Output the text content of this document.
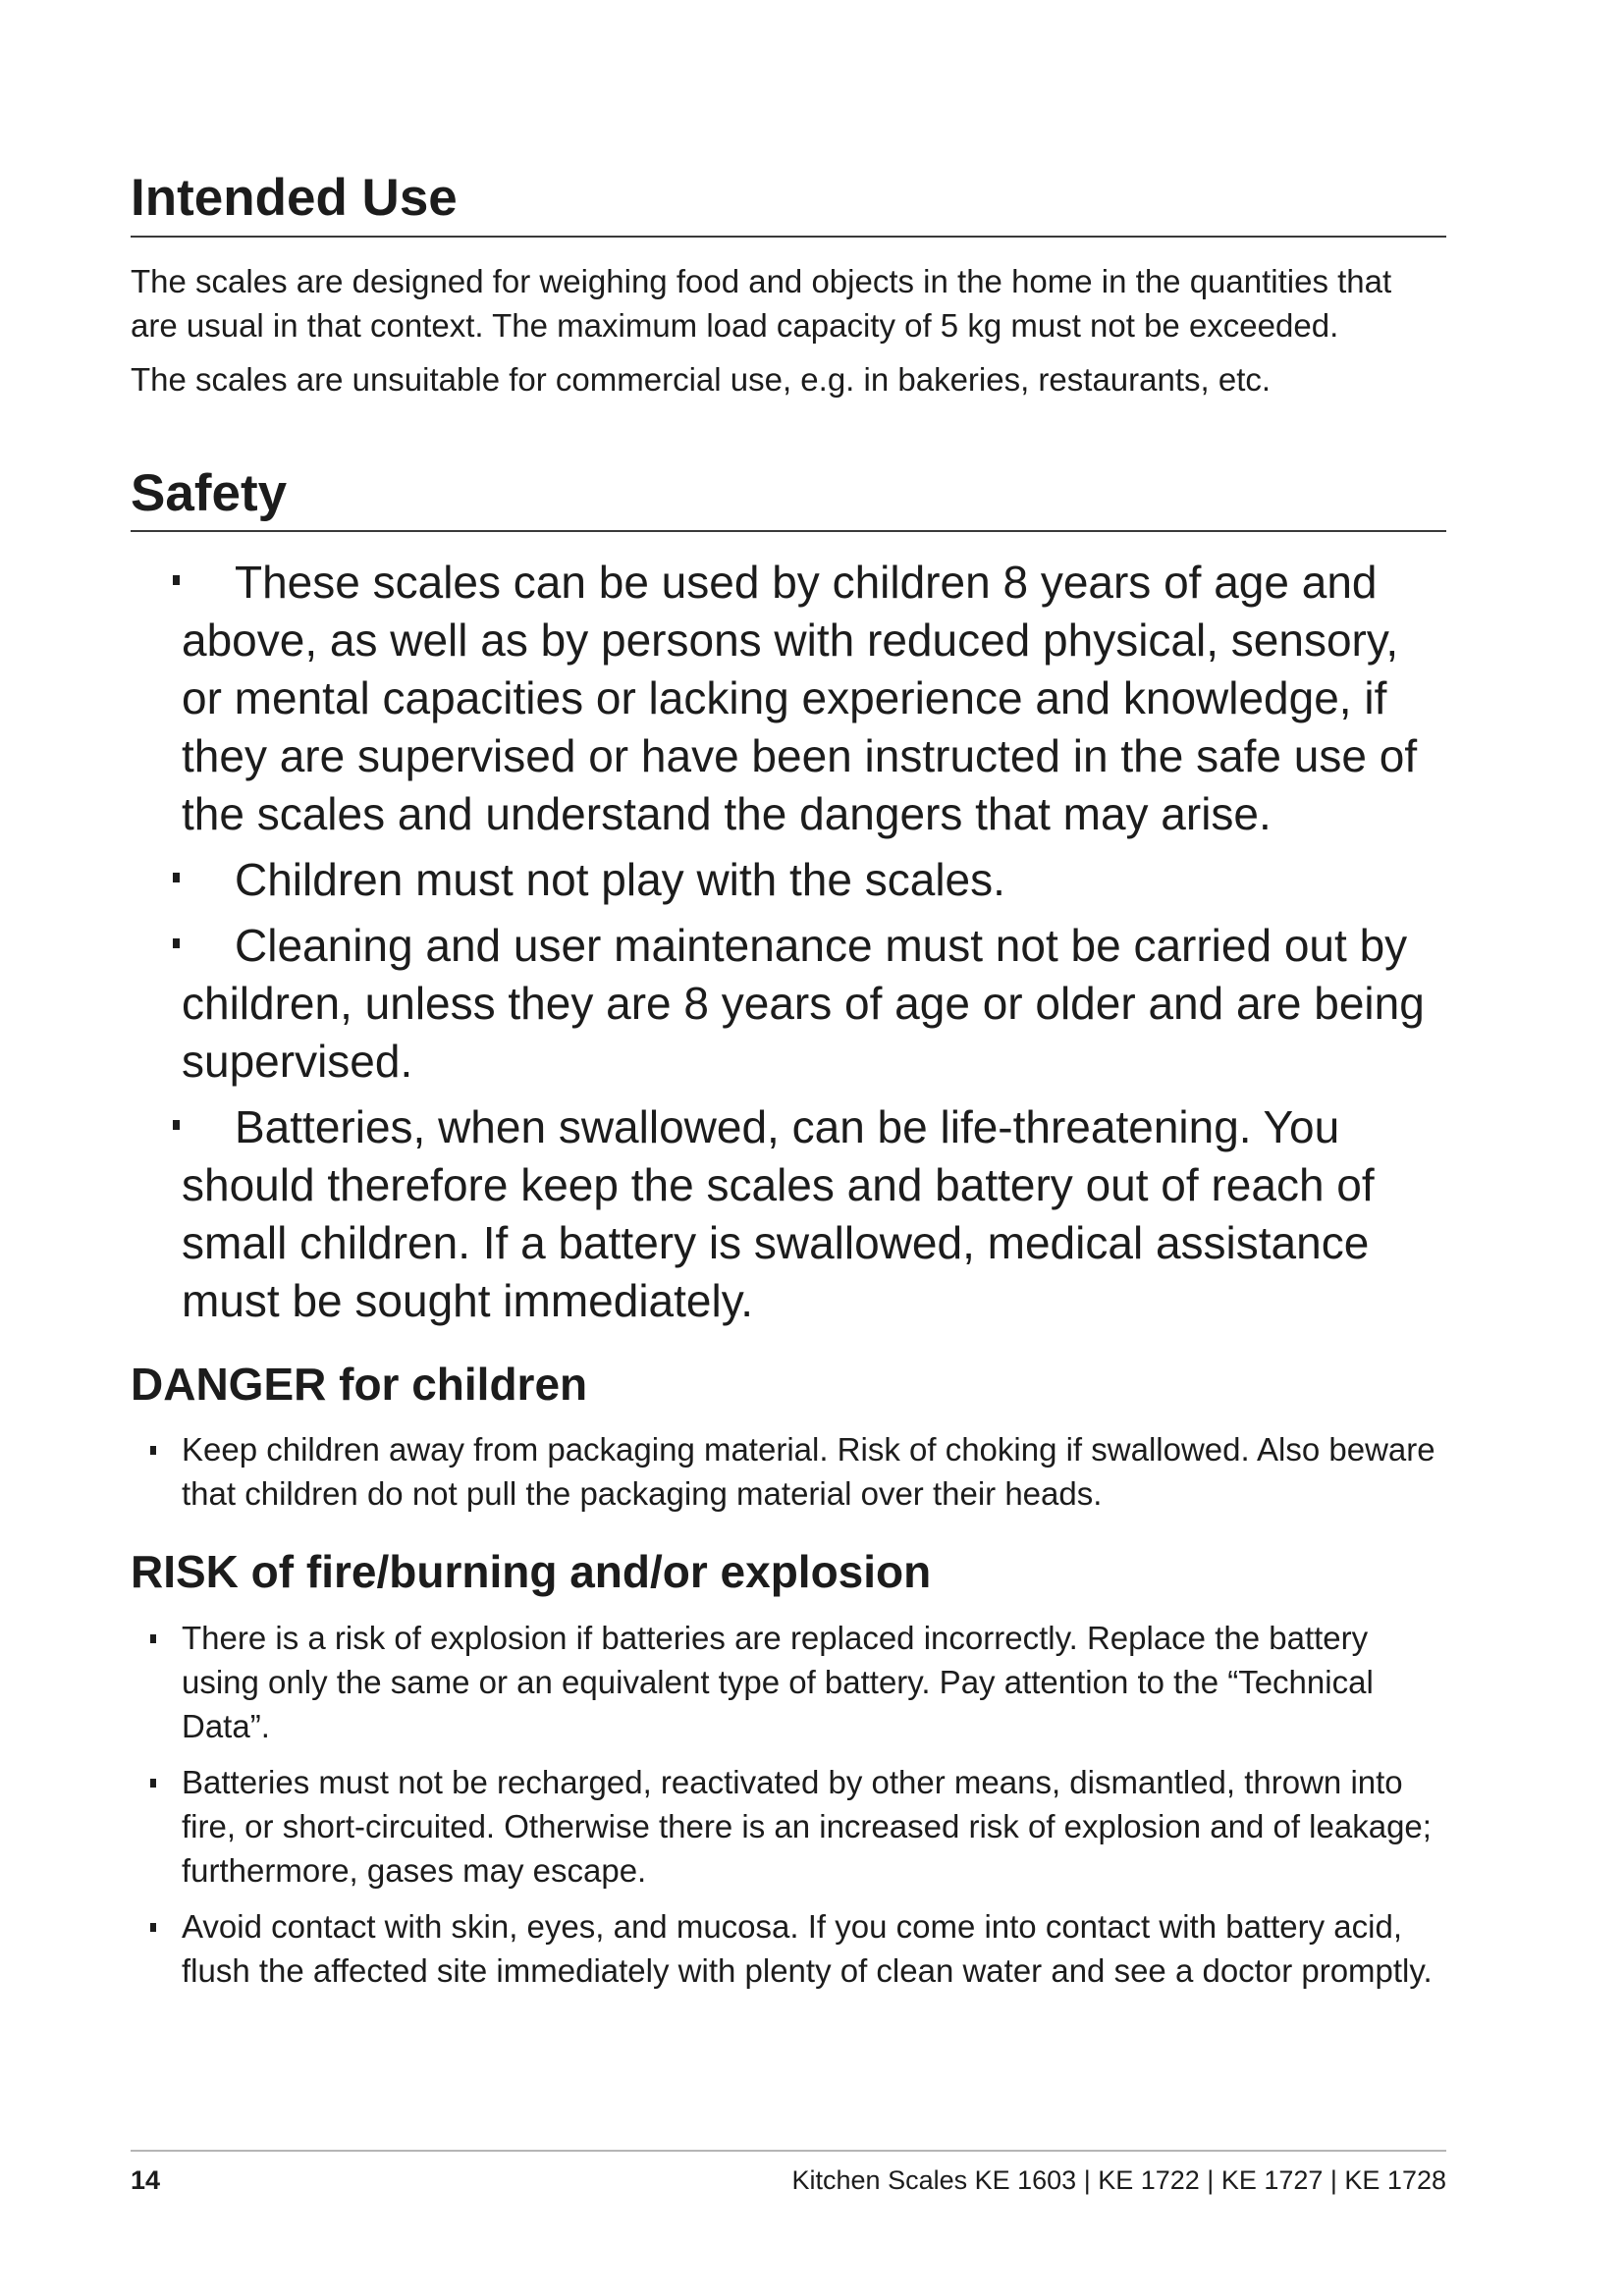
Intended Use

The scales are designed for weighing food and objects in the home in the quantities that are usual in that context. The maximum load capacity of 5 kg must not be exceeded.

The scales are unsuitable for commercial use, e.g. in bakeries, restaurants, etc.

Safety
These scales can be used by children 8 years of age and above, as well as by persons with reduced physical, sensory, or mental capacities or lacking experience and knowledge, if they are supervised or have been instructed in the safe use of the scales and understand the dangers that may arise.
Children must not play with the scales.
Cleaning and user maintenance must not be carried out by children, unless they are 8 years of age or older and are being supervised.
Batteries, when swallowed, can be life-threatening. You should therefore keep the scales and battery out of reach of small children. If a battery is swallowed, medical assistance must be sought immediately.
DANGER for children
Keep children away from packaging material. Risk of choking if swallowed. Also beware that children do not pull the packaging material over their heads.
RISK of fire/burning and/or explosion
There is a risk of explosion if batteries are replaced incorrectly. Replace the battery using only the same or an equivalent type of battery. Pay attention to the “Technical Data”.
Batteries must not be recharged, reactivated by other means, dismantled, thrown into fire, or short-circuited. Otherwise there is an increased risk of explosion and of leakage; furthermore, gases may escape.
Avoid contact with skin, eyes, and mucosa. If you come into contact with battery acid, flush the affected site immediately with plenty of clean water and see a doctor promptly.
14	Kitchen Scales KE 1603 | KE 1722 | KE 1727 | KE 1728
